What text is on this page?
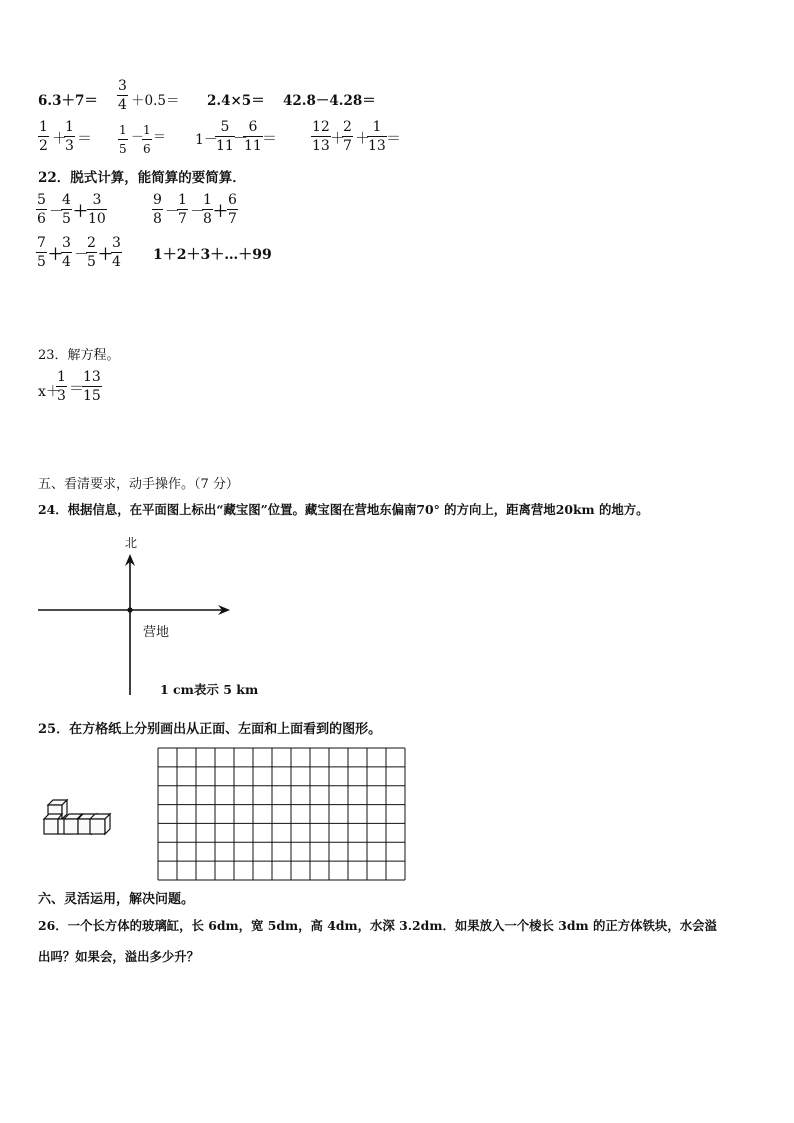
6.3＋7＝
3
4 ＋0.5＝ 2.4×5＝ 42.8－4.28＝
1
2 ＋
1
3 ＝ 1
5
－
1
6
＝ 1－
5
11 －
6
11 ＝
12
13 ＋
2
7 ＋
1
13 ＝
22．脱式计算，能简算的要简算．
5
6 －
4
5 ＋
3
10
9
8 －
1
7 －
1
8 ＋
6
7
7
5 ＋
3
4 －
2
5 ＋
3
4 1＋2＋3＋…＋99
23．解方程。
x＋
1
3 ＝
13
15
五、看清要求，动手操作。（7 分）
24．根据信息，在平面图上标出“藏宝图”位置。藏宝图在营地东偏南70° 的方向上，距离营地20km 的地方。
北
营地
1 cm表示 5 km
25．在方格纸上分别画出从正面、左面和上面看到的图形。
六、灵活运用，解决问题。
26．一个长方体的玻璃缸，长 6dm，宽 5dm，高 4dm，水深 3.2dm．如果放入一个棱长 3dm 的正方体铁块，水会溢
出吗？如果会，溢出多少升？
